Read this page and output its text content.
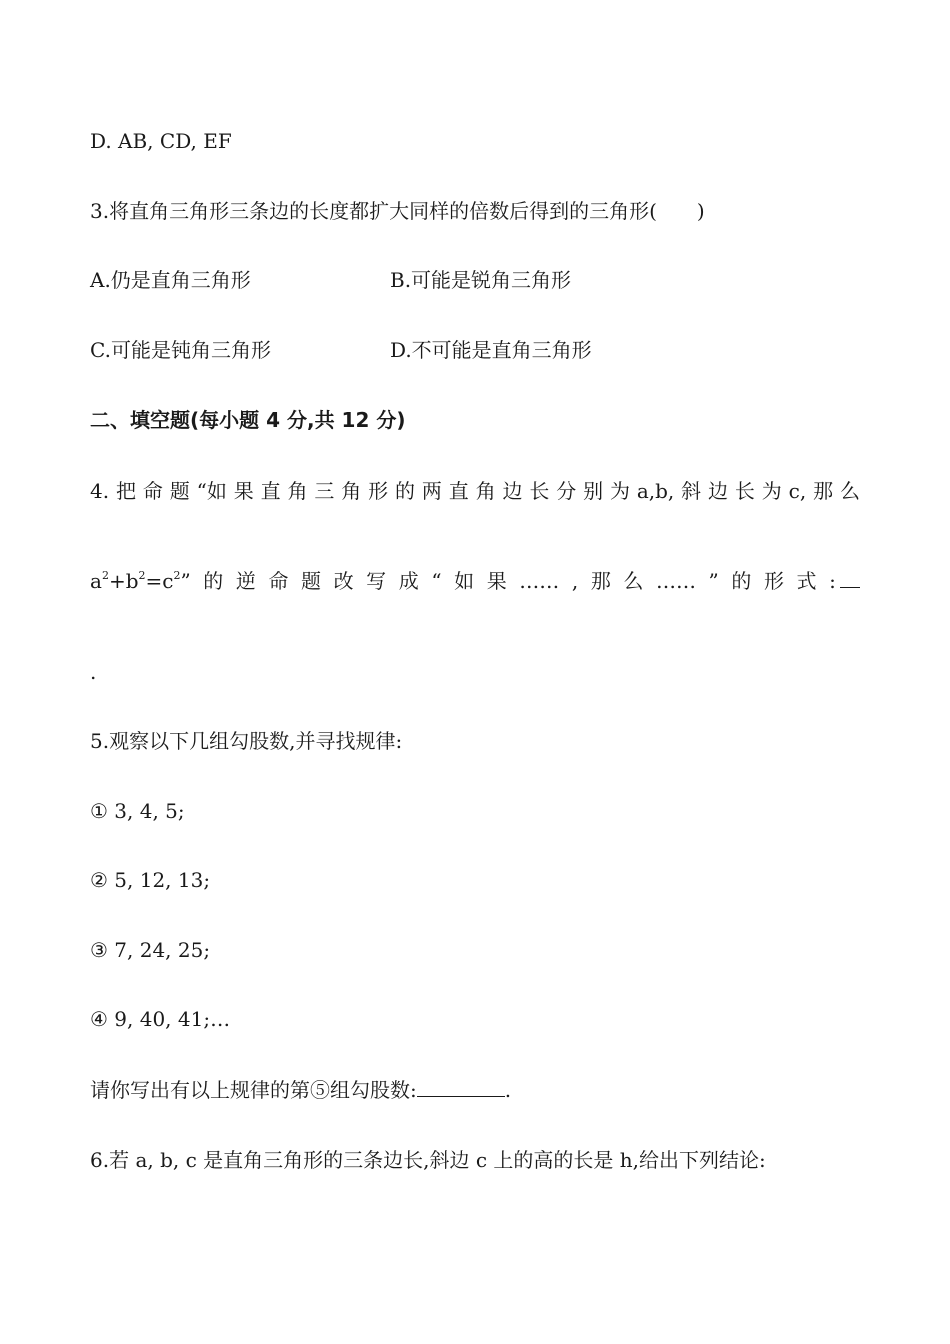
D. AB, CD, EF
3.将直角三角形三条边的长度都扩大同样的倍数后得到的三角形( )
A.仍是直角三角形	B.可能是锐角三角形
C.可能是钝角三角形	D.不可能是直角三角形
二、填空题(每小题 4 分,共 12 分)
4. 把 命 题 “如 果 直 角 三 角 形 的 两 直 角 边 长 分 别 为 a,b, 斜 边 长 为 c, 那 么
$a^2+b^2=c^2$” 的 逆 命 题 改 写 成 “ 如 果 …… , 那 么 …… ” 的 形 式 :
.
5.观察以下几组勾股数,并寻找规律:
① 3, 4, 5;
② 5, 12, 13;
③ 7, 24, 25;
④ 9, 40, 41;…
请你写出有以上规律的第⑤组勾股数:	.
6.若 a, b, c 是直角三角形的三条边长,斜边 c 上的高的长是 h,给出下列结论:
